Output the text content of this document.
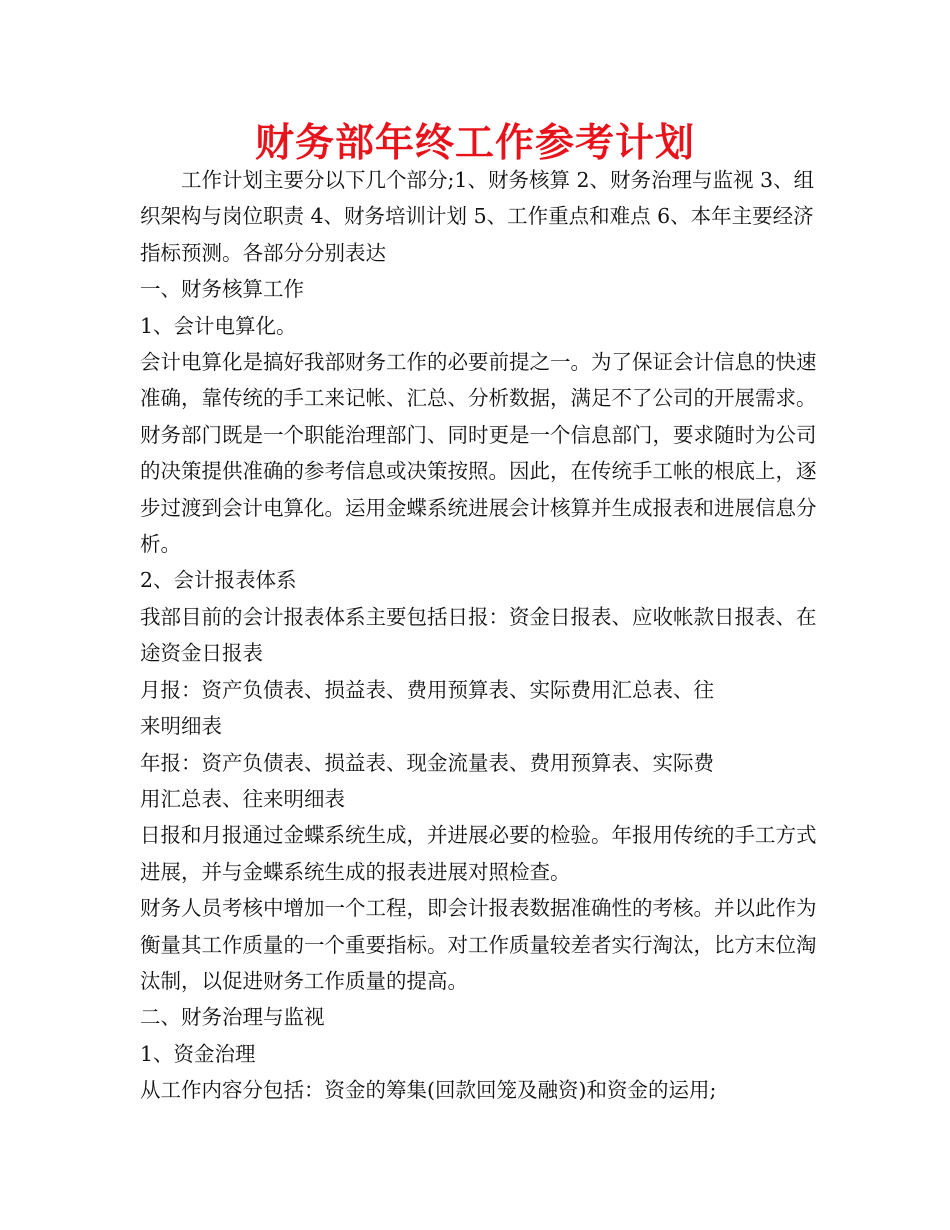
财务部年终工作参考计划

工作计划主要分以下几个部分;1、财务核算 2、财务治理与监视 3、组织架构与岗位职责 4、财务培训计划 5、工作重点和难点 6、本年主要经济指标预测。各部分分别表达

一、财务核算工作

1、会计电算化。

会计电算化是搞好我部财务工作的必要前提之一。为了保证会计信息的快速准确，靠传统的手工来记帐、汇总、分析数据，满足不了公司的开展需求。财务部门既是一个职能治理部门、同时更是一个信息部门，要求随时为公司的决策提供准确的参考信息或决策按照。因此，在传统手工帐的根底上，逐步过渡到会计电算化。运用金蝶系统进展会计核算并生成报表和进展信息分析。

2、会计报表体系

我部目前的会计报表体系主要包括日报：资金日报表、应收帐款日报表、在途资金日报表

月报：资产负债表、损益表、费用预算表、实际费用汇总表、往

来明细表

年报：资产负债表、损益表、现金流量表、费用预算表、实际费

用汇总表、往来明细表

日报和月报通过金蝶系统生成，并进展必要的检验。年报用传统的手工方式进展，并与金蝶系统生成的报表进展对照检查。

财务人员考核中增加一个工程，即会计报表数据准确性的考核。并以此作为衡量其工作质量的一个重要指标。对工作质量较差者实行淘汰，比方末位淘汰制，以促进财务工作质量的提高。

二、财务治理与监视

1、资金治理

从工作内容分包括：资金的筹集(回款回笼及融资)和资金的运用;
